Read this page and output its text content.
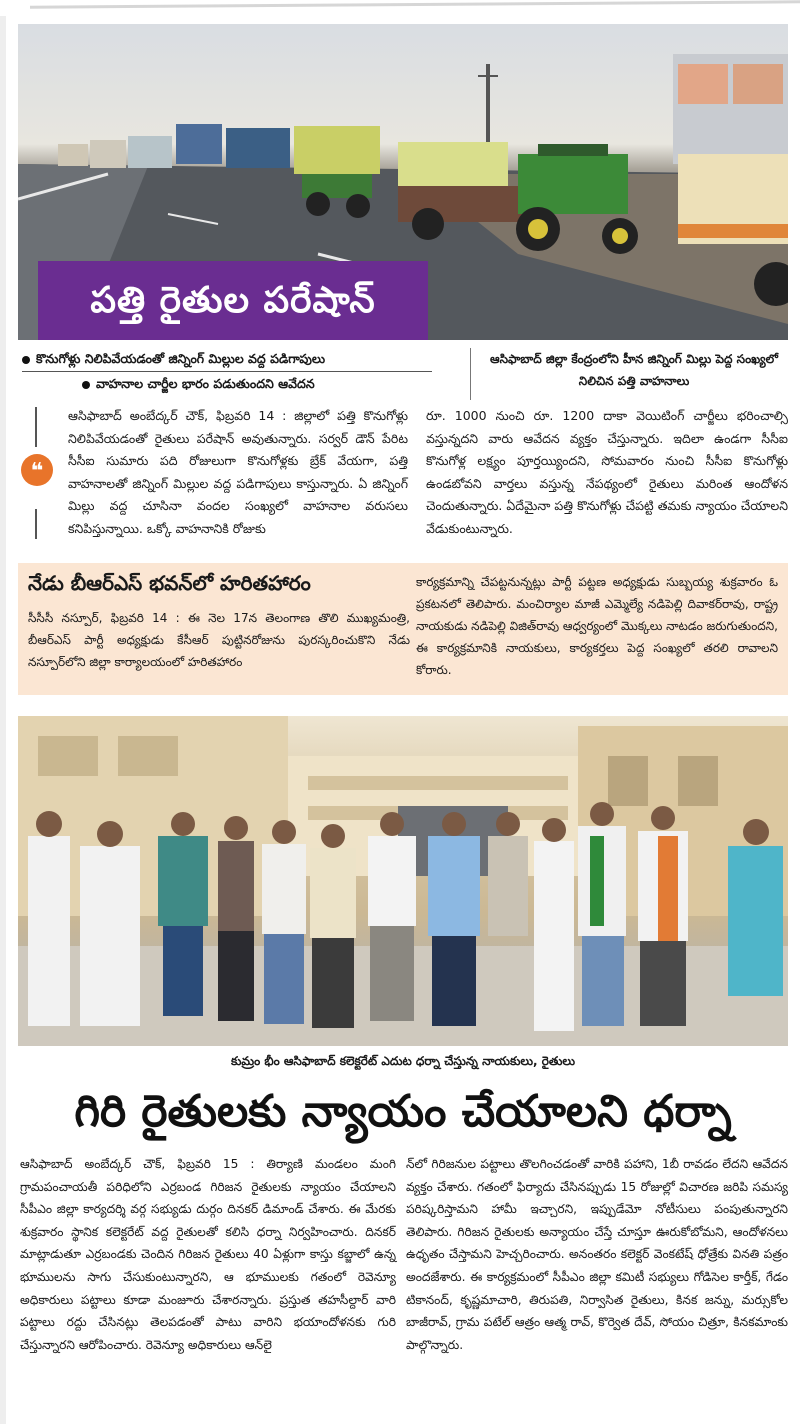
పత్తి రైతుల పరేషాన్
కొనుగోళ్లు నిలిపివేయడంతో జిన్నింగ్ మిల్లుల వద్ద పడిగాపులు
వాహనాల చార్జీల భారం పడుతుందని ఆవేదన
ఆసిఫాబాద్ జిల్లా కేంద్రంలోని హీన జిన్నింగ్ మిల్లు పెద్ద సంఖ్యలో నిలిచిన పత్తి వాహనాలు
❝
ఆసిఫాబాద్ అంబేద్కర్ చౌక్, ఫిబ్రవరి 14 : జిల్లాలో పత్తి కొనుగోళ్లు నిలిపివేయడంతో రైతులు పరేషాన్ అవుతున్నారు. సర్వర్ డౌన్ పేరిట సీసీఐ సుమారు పది రోజులుగా కొనుగోళ్లకు బ్రేక్ వేయగా, పత్తి వాహనాలతో జిన్నింగ్ మిల్లుల వద్ద పడిగాపులు కాస్తున్నారు. ఏ జిన్నింగ్ మిల్లు వద్ద చూసినా వందల సంఖ్యలో వాహనాల వరుసలు కనిపిస్తున్నాయి. ఒక్కో వాహనానికి రోజుకు
రూ. 1000 నుంచి రూ. 1200 దాకా వెయిటింగ్ చార్జీలు భరించాల్సి వస్తున్నదని వారు ఆవేదన వ్యక్తం చేస్తున్నారు. ఇదిలా ఉండగా సీసీఐ కొనుగోళ్ల లక్ష్యం పూర్తయ్యిందని, సోమవారం నుంచి సీసీఐ కొనుగోళ్లు ఉండబోవని వార్తలు వస్తున్న నేపథ్యంలో రైతులు మరింత ఆందోళన చెందుతున్నారు. ఏదేమైనా పత్తి కొనుగోళ్లు చేపట్టి తమకు న్యాయం చేయాలని వేడుకుంటున్నారు.
నేడు బీఆర్ఎస్ భవన్‌లో హరితహారం
సీసీసీ నస్పూర్, ఫిబ్రవరి 14 : ఈ నెల 17న తెలంగాణ తొలి ముఖ్యమంత్రి, బీఆర్ఎస్ పార్టీ అధ్యక్షుడు కేసీఆర్ పుట్టినరోజును పురస్కరించుకొని నేడు నస్పూర్‌లోని జిల్లా కార్యాలయంలో హరితహారం
కార్యక్రమాన్ని చేపట్టనున్నట్లు పార్టీ పట్టణ అధ్యక్షుడు సుబ్బయ్య శుక్రవారం ఓ ప్రకటనలో తెలిపారు. మంచిర్యాల మాజీ ఎమ్మెల్యే నడిపెల్లి దివాకర్‌రావు, రాష్ట్ర నాయకుడు నడిపెల్లి విజిత్‌రావు ఆధ్వర్యంలో మొక్కలు నాటడం జరుగుతుందని, ఈ కార్యక్రమానికి నాయకులు, కార్యకర్తలు పెద్ద సంఖ్యలో తరలి రావాలని కోరారు.
కుమ్రం భీం ఆసిఫాబాద్ కలెక్టరేట్ ఎదుట ధర్నా చేస్తున్న నాయకులు, రైతులు
గిరి రైతులకు న్యాయం చేయాలని ధర్నా
ఆసిఫాబాద్ అంబేద్కర్ చౌక్, ఫిబ్రవరి 15 : తిర్యాణి మండలం మంగి గ్రామపంచాయతీ పరిధిలోని ఎర్రబండ గిరిజన రైతులకు న్యాయం చేయాలని సీపీఎం జిల్లా కార్యదర్శి వర్గ సభ్యుడు దుర్గం దినకర్ డిమాండ్ చేశారు. ఈ మేరకు శుక్రవారం స్థానిక కలెక్టరేట్ వద్ద రైతులతో కలిసి ధర్నా నిర్వహించారు. దినకర్ మాట్లాడుతూ ఎర్రబండకు చెందిన గిరిజన రైతులు 40 ఏళ్లుగా కాస్తు కబ్జాలో ఉన్న భూములను సాగు చేసుకుంటున్నారని, ఆ భూములకు గతంలో రెవెన్యూ అధికారులు పట్టాలు కూడా మంజూరు చేశారన్నారు. ప్రస్తుత తహసీల్దార్ వారి పట్టాలు రద్దు చేసినట్లు తెలపడంతో పాటు వారిని భయాందోళనకు గురి చేస్తున్నారని ఆరోపించారు. రెవెన్యూ అధికారులు ఆన్‌లై
న్‌లో గిరిజనుల పట్టాలు తొలగించడంతో వారికి పహాని, 1బీ రావడం లేదని ఆవేదన వ్యక్తం చేశారు. గతంలో ఫిర్యాదు చేసినప్పుడు 15 రోజుల్లో విచారణ జరిపి సమస్య పరిష్కరిస్తామని హామీ ఇచ్చారని, ఇప్పుడేమో నోటీసులు పంపుతున్నారని తెలిపారు. గిరిజన రైతులకు అన్యాయం చేస్తే చూస్తూ ఊరుకోబోమని, ఆందోళనలు ఉధృతం చేస్తామని హెచ్చరించారు. అనంతరం కలెక్టర్ వెంకటేష్ ధోత్రేకు వినతి పత్రం అందజేశారు. ఈ కార్యక్రమంలో సీపీఎం జిల్లా కమిటీ సభ్యులు గోడిసెల కార్తీక్, గేడం టికానంద్, కృష్ణమాచారి, తిరుపతి, నిర్వాసిత రైతులు, కినక జన్ను, మర్సుకోల బాజీరావ్, గ్రామ పటేల్ ఆత్రం ఆత్మ రావ్, కొర్వెత దేవ్, సోయం చిత్రూ, కినకమాంకు పాల్గొన్నారు.
